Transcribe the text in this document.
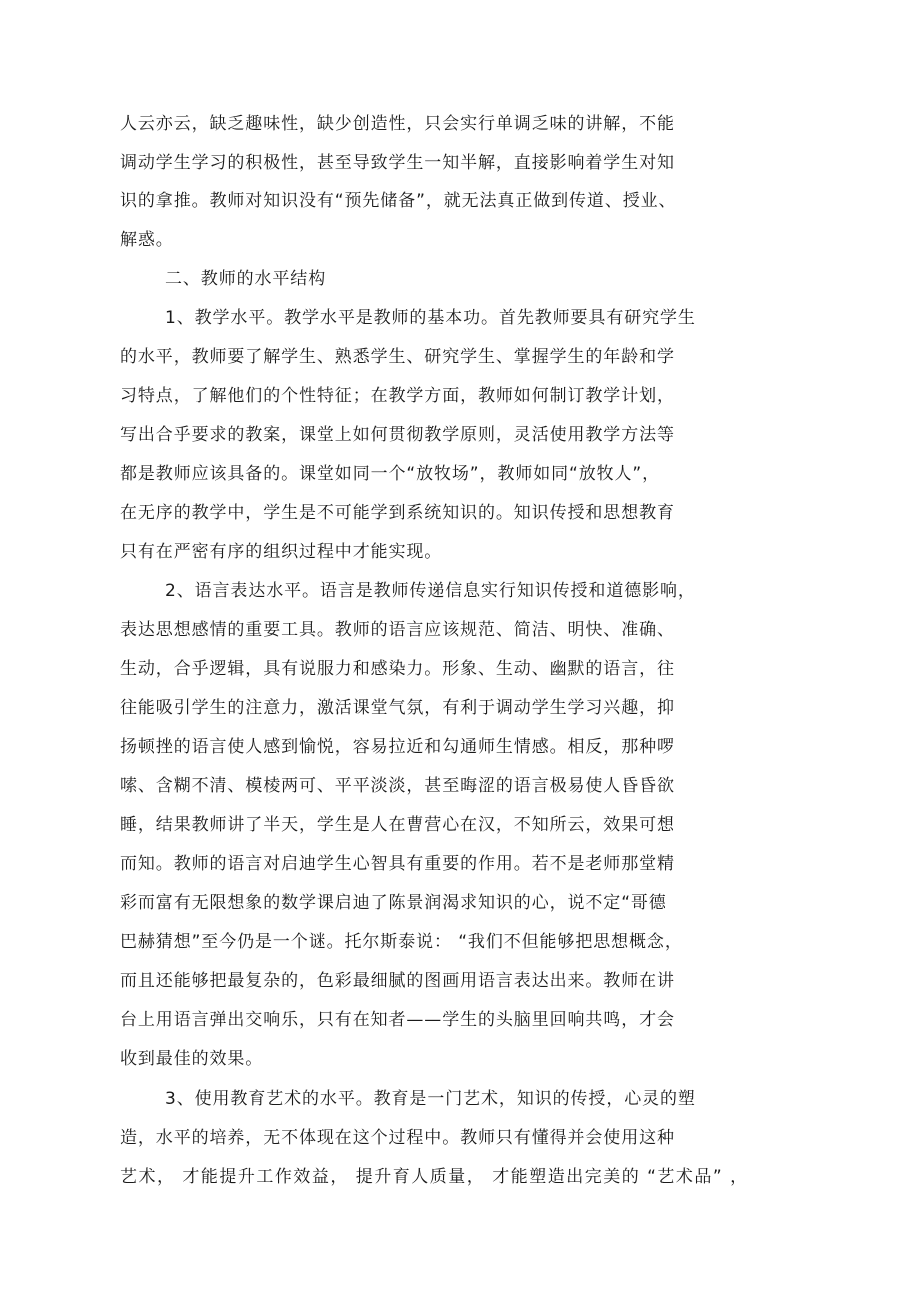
人云亦云，缺乏趣味性，缺少创造性，只会实行单调乏味的讲解，不能

调动学生学习的积极性，甚至导致学生一知半解，直接影响着学生对知

识的拿推。教师对知识没有“预先储备”，就无法真正做到传道、授业、

解惑。

二、教师的水平结构

1、教学水平。教学水平是教师的基本功。首先教师要具有研究学生

的水平，教师要了解学生、熟悉学生、研究学生、掌握学生的年龄和学

习特点，了解他们的个性特征；在教学方面，教师如何制订教学计划，

写出合乎要求的教案，课堂上如何贯彻教学原则，灵活使用教学方法等

都是教师应该具备的。课堂如同一个“放牧场”，教师如同“放牧人”，

在无序的教学中，学生是不可能学到系统知识的。知识传授和思想教育

只有在严密有序的组织过程中才能实现。

2、语言表达水平。语言是教师传递信息实行知识传授和道德影响，

表达思想感情的重要工具。教师的语言应该规范、简洁、明快、准确、

生动，合乎逻辑，具有说服力和感染力。形象、生动、幽默的语言，往

往能吸引学生的注意力，激活课堂气氛，有利于调动学生学习兴趣，抑

扬顿挫的语言使人感到愉悦，容易拉近和勾通师生情感。相反，那种啰

嗦、含糊不清、模棱两可、平平淡淡，甚至晦涩的语言极易使人昏昏欲

睡，结果教师讲了半天，学生是人在曹营心在汉，不知所云，效果可想

而知。教师的语言对启迪学生心智具有重要的作用。若不是老师那堂精

彩而富有无限想象的数学课启迪了陈景润渴求知识的心，说不定“哥德

巴赫猜想”至今仍是一个谜。托尔斯泰说： “我们不但能够把思想概念，

而且还能够把最复杂的，色彩最细腻的图画用语言表达出来。教师在讲

台上用语言弹出交响乐，只有在知者——学生的头脑里回响共鸣，才会

收到最佳的效果。

3、使用教育艺术的水平。教育是一门艺术，知识的传授，心灵的塑

造，水平的培养，无不体现在这个过程中。教师只有懂得并会使用这种

艺术， 才能提升工作效益， 提升育人质量， 才能塑造出完美的 “艺术品” ，
